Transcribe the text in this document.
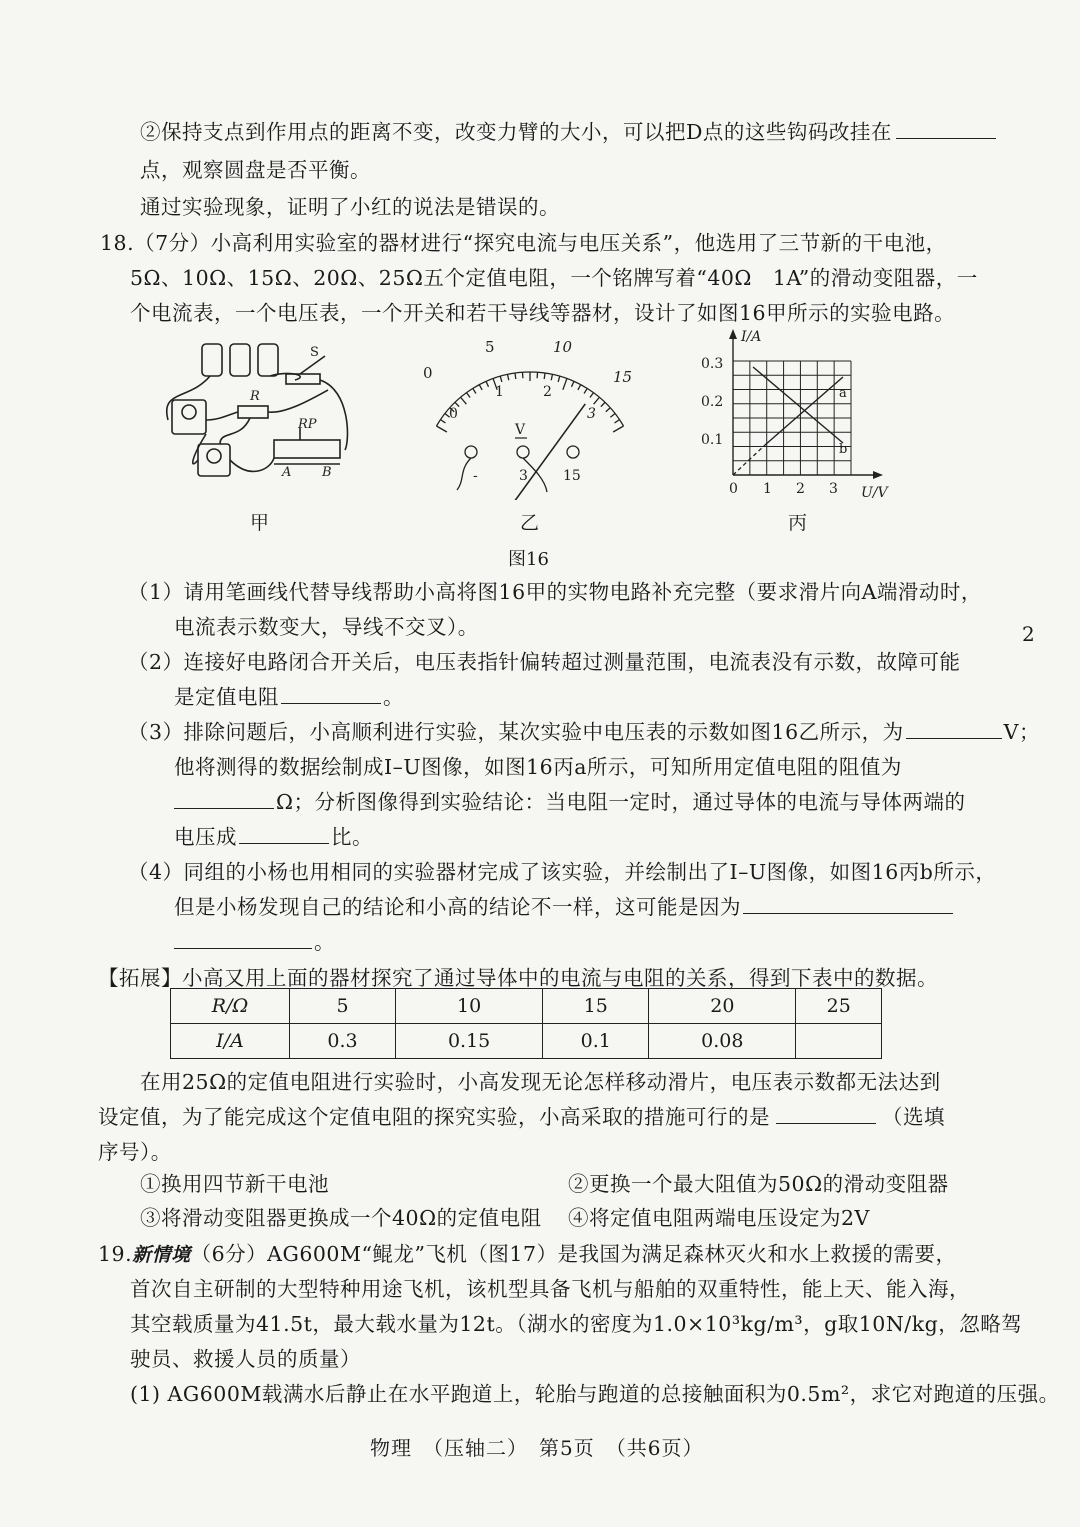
②保持支点到作用点的距离不变，改变力臂的大小，可以把D点的这些钩码改挂在
点，观察圆盘是否平衡。
通过实验现象，证明了小红的说法是错误的。
18.（7分）小高利用实验室的器材进行“探究电流与电压关系”，他选用了三节新的干电池，
5Ω、10Ω、15Ω、20Ω、25Ω五个定值电阻，一个铭牌写着“40Ω　1A”的滑动变阻器，一
个电流表，一个电压表，一个开关和若干导线等器材，设计了如图16甲所示的实验电路。
S
R
RP
A B
甲
0
5	10
15
0
1	2
3
V
-	3	15
乙
I/A
U/V
0.3
0.2
0.1
0 1 2 3
a
b
丙
图16
（1）请用笔画线代替导线帮助小高将图16甲的实物电路补充完整（要求滑片向A端滑动时，
电流表示数变大，导线不交叉）。
（2）连接好电路闭合开关后，电压表指针偏转超过测量范围，电流表没有示数，故障可能
是定值电阻	。
（3）排除问题后，小高顺利进行实验，某次实验中电压表的示数如图16乙所示，为	V；
他将测得的数据绘制成I–U图像，如图16丙a所示，可知所用定值电阻的阻值为
Ω；分析图像得到实验结论：当电阻一定时，通过导体的电流与导体两端的
电压成	比。
（4）同组的小杨也用相同的实验器材完成了该实验，并绘制出了I–U图像，如图16丙b所示，
但是小杨发现自己的结论和小高的结论不一样，这可能是因为
。
【拓展】小高又用上面的器材探究了通过导体中的电流与电阻的关系，得到下表中的数据。
R/Ω	5	10	15	20	25
I/A	0.3	0.15	0.1	0.08	
在用25Ω的定值电阻进行实验时，小高发现无论怎样移动滑片，电压表示数都无法达到
设定值，为了能完成这个定值电阻的探究实验，小高采取的措施可行的是	（选填
序号）。
①换用四节新干电池	②更换一个最大阻值为50Ω的滑动变阻器
③将滑动变阻器更换成一个40Ω的定值电阻 ④将定值电阻两端电压设定为2V
19.新情境（6分）AG600M“鲲龙”飞机（图17）是我国为满足森林灭火和水上救援的需要，
首次自主研制的大型特种用途飞机，该机型具备飞机与船舶的双重特性，能上天、能入海，
其空载质量为41.5t，最大载水量为12t。（湖水的密度为1.0×10³kg/m³，g取10N/kg，忽略驾
驶员、救援人员的质量）
(1) AG600M载满水后静止在水平跑道上，轮胎与跑道的总接触面积为0.5m²，求它对跑道的压强。
2
物理　（压轴二）　第5页　（共6页）
